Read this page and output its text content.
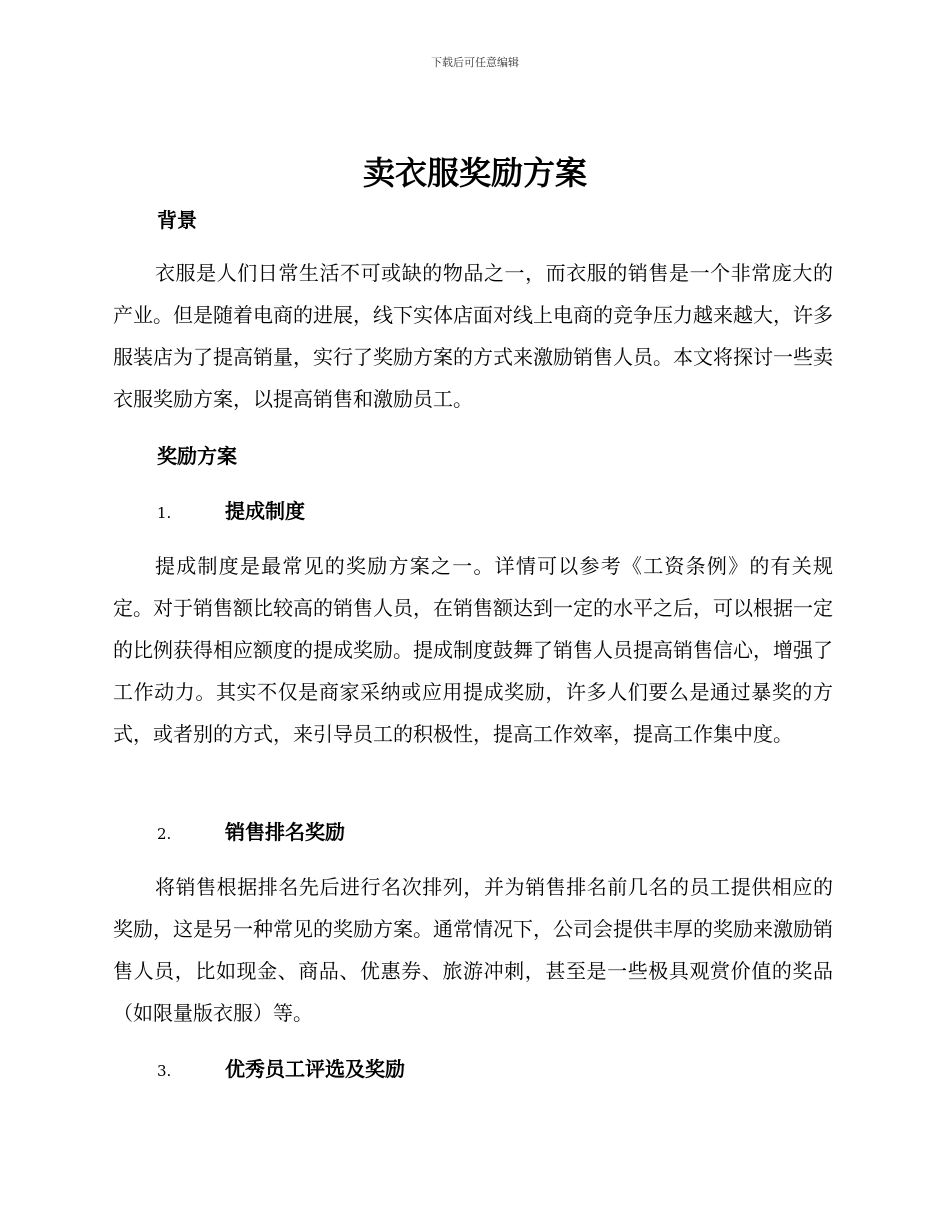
下载后可任意编辑
卖衣服奖励方案
背景

衣服是人们日常生活不可或缺的物品之一，而衣服的销售是一个非常庞大的产业。但是随着电商的进展，线下实体店面对线上电商的竞争压力越来越大，许多服装店为了提高销量，实行了奖励方案的方式来激励销售人员。本文将探讨一些卖衣服奖励方案，以提高销售和激励员工。

奖励方案
1.	提成制度

提成制度是最常见的奖励方案之一。详情可以参考《工资条例》的有关规定。对于销售额比较高的销售人员，在销售额达到一定的水平之后，可以根据一定的比例获得相应额度的提成奖励。提成制度鼓舞了销售人员提高销售信心，增强了工作动力。其实不仅是商家采纳或应用提成奖励，许多人们要么是通过暴奖的方式，或者别的方式，来引导员工的积极性，提高工作效率，提高工作集中度。

2.	销售排名奖励

将销售根据排名先后进行名次排列，并为销售排名前几名的员工提供相应的奖励，这是另一种常见的奖励方案。通常情况下，公司会提供丰厚的奖励来激励销售人员，比如现金、商品、优惠券、旅游冲刺，甚至是一些极具观赏价值的奖品（如限量版衣服）等。

3.	优秀员工评选及奖励
